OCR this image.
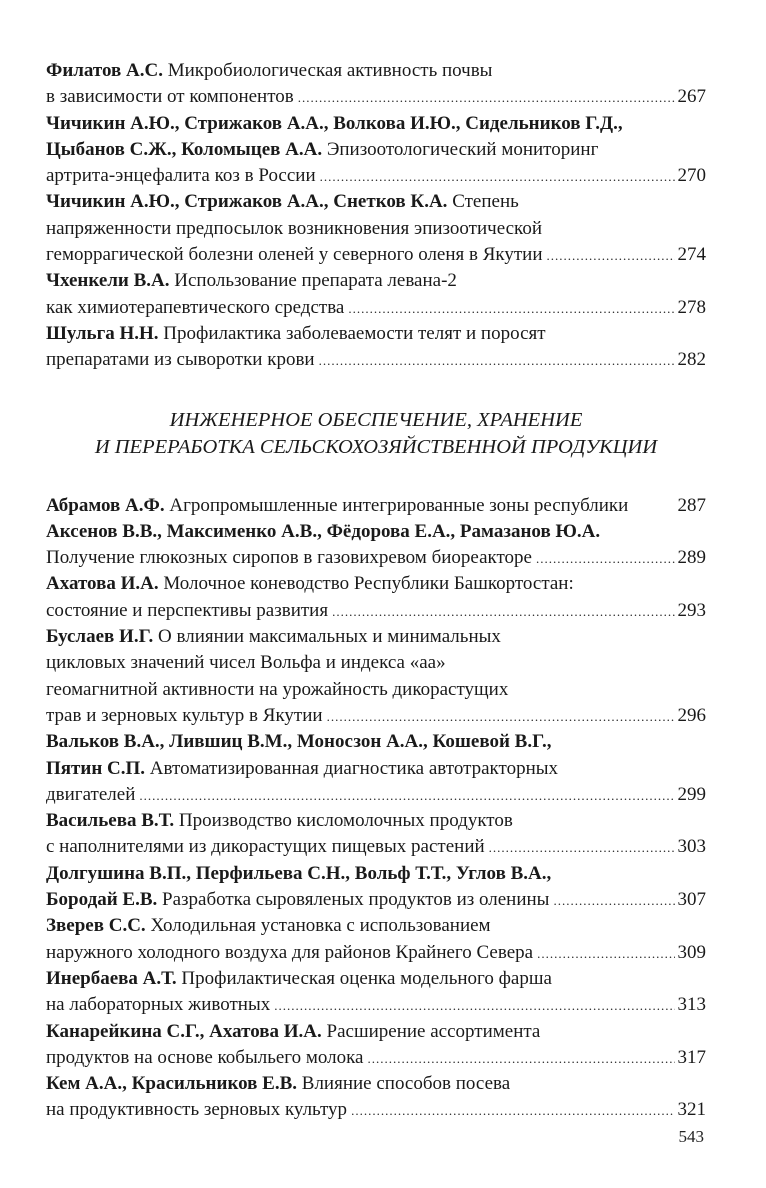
Филатов А.С. Микробиологическая активность почвы
в зависимости от компонентов .....	267
Чичикин А.Ю., Стрижаков А.А., Волкова И.Ю., Сидельников Г.Д.,
Цыбанов С.Ж., Коломыцев А.А. Эпизоотологический мониторинг
артрита-энцефалита коз в России .....	270
Чичикин А.Ю., Стрижаков А.А., Снетков К.А. Степень
напряженности предпосылок возникновения эпизоотической
геморрагической болезни оленей у северного оленя в Якутии .....	274
Чхенкели В.А. Использование препарата левана-2
как химиотерапевтического средства .....	278
Шульга Н.Н. Профилактика заболеваемости телят и поросят
препаратами из сыворотки крови .....	282
ИНЖЕНЕРНОЕ ОБЕСПЕЧЕНИЕ, ХРАНЕНИЕ
И ПЕРЕРАБОТКА СЕЛЬСКОХОЗЯЙСТВЕННОЙ ПРОДУКЦИИ
Абрамов А.Ф. Агропромышленные интегрированные зоны республики	287
Аксенов В.В., Максименко А.В., Фёдорова Е.А., Рамазанов Ю.А.
Получение глюкозных сиропов в газовихревом биореакторе .....	289
Ахатова И.А. Молочное коневодство Республики Башкортостан:
состояние и перспективы развития .....	293
Буслаев И.Г. О влиянии максимальных и минимальных
цикловых значений чисел Вольфа и индекса «аа»
геомагнитной активности на урожайность дикорастущих
трав и зерновых культур в Якутии .....	296
Вальков В.А., Лившиц В.М., Моносзон А.А., Кошевой В.Г.,
Пятин С.П. Автоматизированная диагностика автотракторных
двигателей .....	299
Васильева В.Т. Производство кисломолочных продуктов
с наполнителями из дикорастущих пищевых растений .....	303
Долгушина В.П., Перфильева С.Н., Вольф Т.Т., Углов В.А.,
Бородай Е.В. Разработка сыровяленых продуктов из оленины .....	307
Зверев С.С. Холодильная установка с использованием
наружного холодного воздуха для районов Крайнего Севера .....	309
Инербаева А.Т. Профилактическая оценка модельного фарша
на лабораторных животных .....	313
Канарейкина С.Г., Ахатова И.А. Расширение ассортимента
продуктов на основе кобыльего молока .....	317
Кем А.А., Красильников Е.В. Влияние способов посева
на продуктивность зерновых культур .....	321
543
